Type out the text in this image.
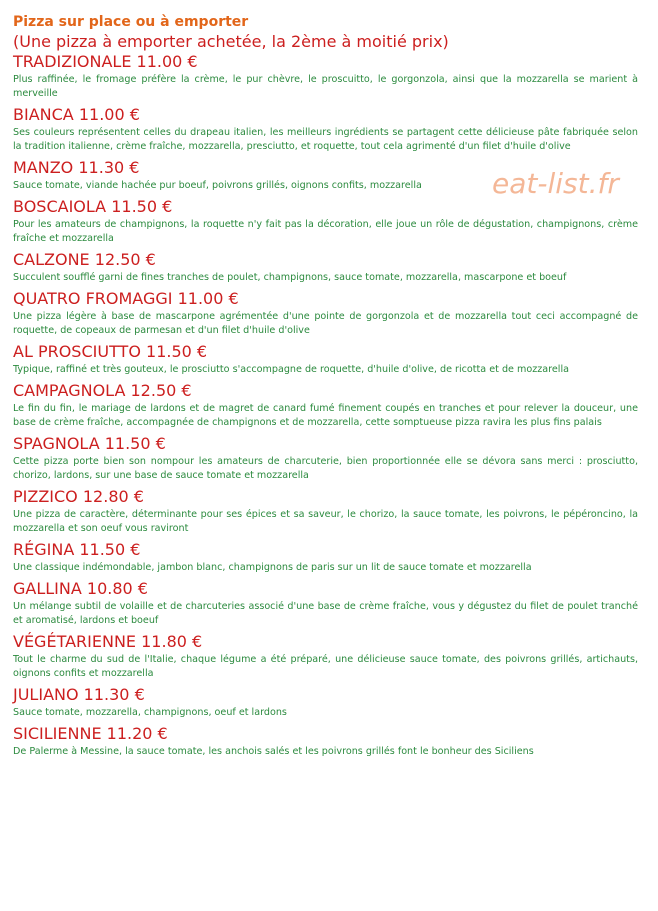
Pizza sur place ou à emporter
(Une pizza à emporter achetée, la 2ème à moitié prix)
TRADIZIONALE 11.00 €
Plus raffinée, le fromage préfère la crème, le pur chèvre, le proscuitto, le gorgonzola, ainsi que la mozzarella se marient à merveille
BIANCA 11.00 €
Ses couleurs représentent celles du drapeau italien, les meilleurs ingrédients se partagent cette délicieuse pâte fabriquée selon la tradition italienne, crème fraîche, mozzarella, presciutto, et roquette, tout cela agrimenté d'un filet d'huile d'olive
MANZO 11.30 €
Sauce tomate, viande hachée pur boeuf, poivrons grillés, oignons confits, mozzarella
BOSCAIOLA 11.50 €
Pour les amateurs de champignons, la roquette n'y fait pas la décoration, elle joue un rôle de dégustation, champignons, crème fraîche et mozzarella
CALZONE 12.50 €
Succulent soufflé garni de fines tranches de poulet, champignons, sauce tomate, mozzarella, mascarpone et boeuf
QUATRO FROMAGGI 11.00 €
Une pizza légère à base de mascarpone agrémentée d'une pointe de gorgonzola et de mozzarella tout ceci accompagné de roquette, de copeaux de parmesan et d'un filet d'huile d'olive
AL PROSCIUTTO 11.50 €
Typique, raffiné et très gouteux, le prosciutto s'accompagne de roquette, d'huile d'olive, de ricotta et de mozzarella
CAMPAGNOLA 12.50 €
Le fin du fin, le mariage de lardons et de magret de canard fumé finement coupés en tranches et pour relever la douceur, une base de crème fraîche, accompagnée de champignons et de mozzarella, cette somptueuse pizza ravira les plus fins palais
SPAGNOLA 11.50 €
Cette pizza porte bien son nompour les amateurs de charcuterie, bien proportionnée elle se dévora sans merci : prosciutto, chorizo, lardons, sur une base de sauce tomate et mozzarella
PIZZICO 12.80 €
Une pizza de caractère, déterminante pour ses épices et sa saveur, le chorizo, la sauce tomate, les poivrons, le pépéroncino, la mozzarella et son oeuf vous raviront
RÉGINA 11.50 €
Une classique indémondable, jambon blanc, champignons de paris sur un lit de sauce tomate et mozzarella
GALLINA 10.80 €
Un mélange subtil de volaille et de charcuteries associé d'une base de crème fraîche, vous y dégustez du filet de poulet tranché et aromatisé, lardons et boeuf
VÉGÉTARIENNE 11.80 €
Tout le charme du sud de l'Italie, chaque légume a été préparé, une délicieuse sauce tomate, des poivrons grillés, artichauts, oignons confits et mozzarella
JULIANO 11.30 €
Sauce tomate, mozzarella, champignons, oeuf et lardons
SICILIENNE 11.20 €
De Palerme à Messine, la sauce tomate, les anchois salés et les poivrons grillés font le bonheur des Siciliens
eat-list.fr
